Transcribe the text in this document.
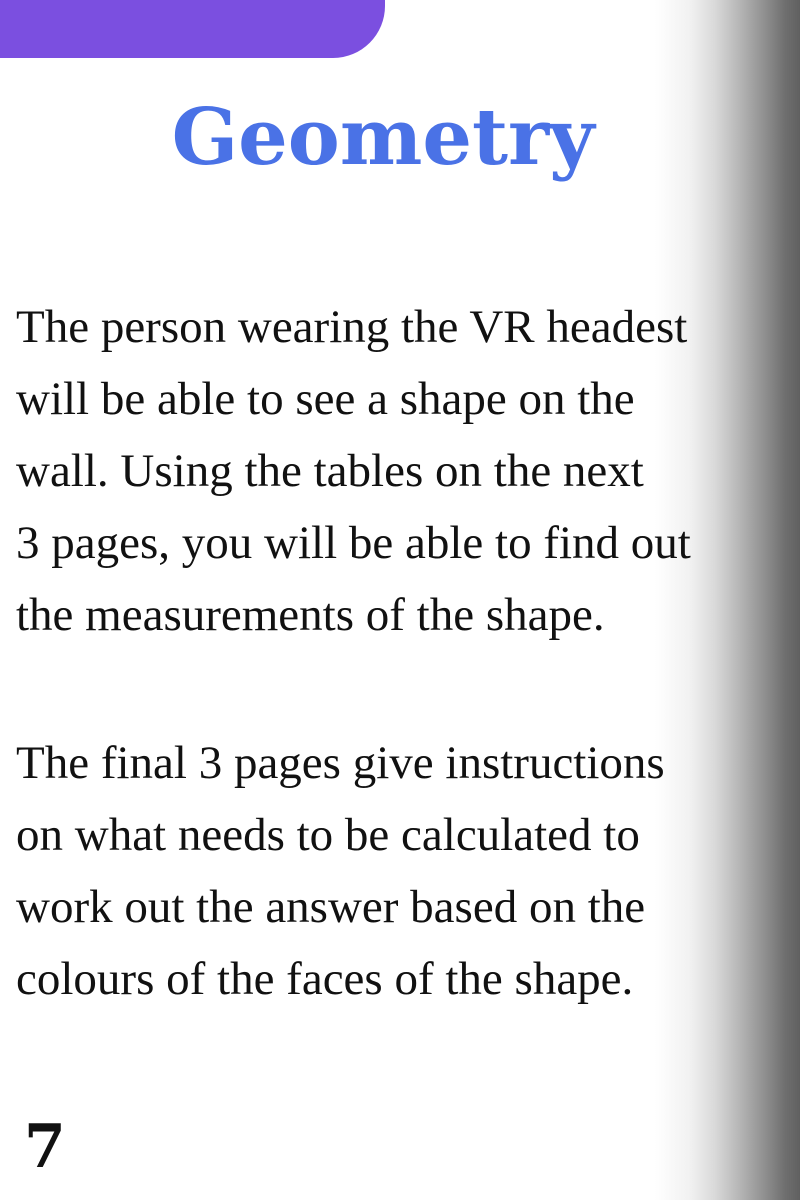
Geometry
The person wearing the VR headest
will be able to see a shape on the
wall. Using the tables on the next
3 pages, you will be able to find out
the measurements of the shape.
The final 3 pages give instructions
on what needs to be calculated to
work out the answer based on the
colours of the faces of the shape.
7
